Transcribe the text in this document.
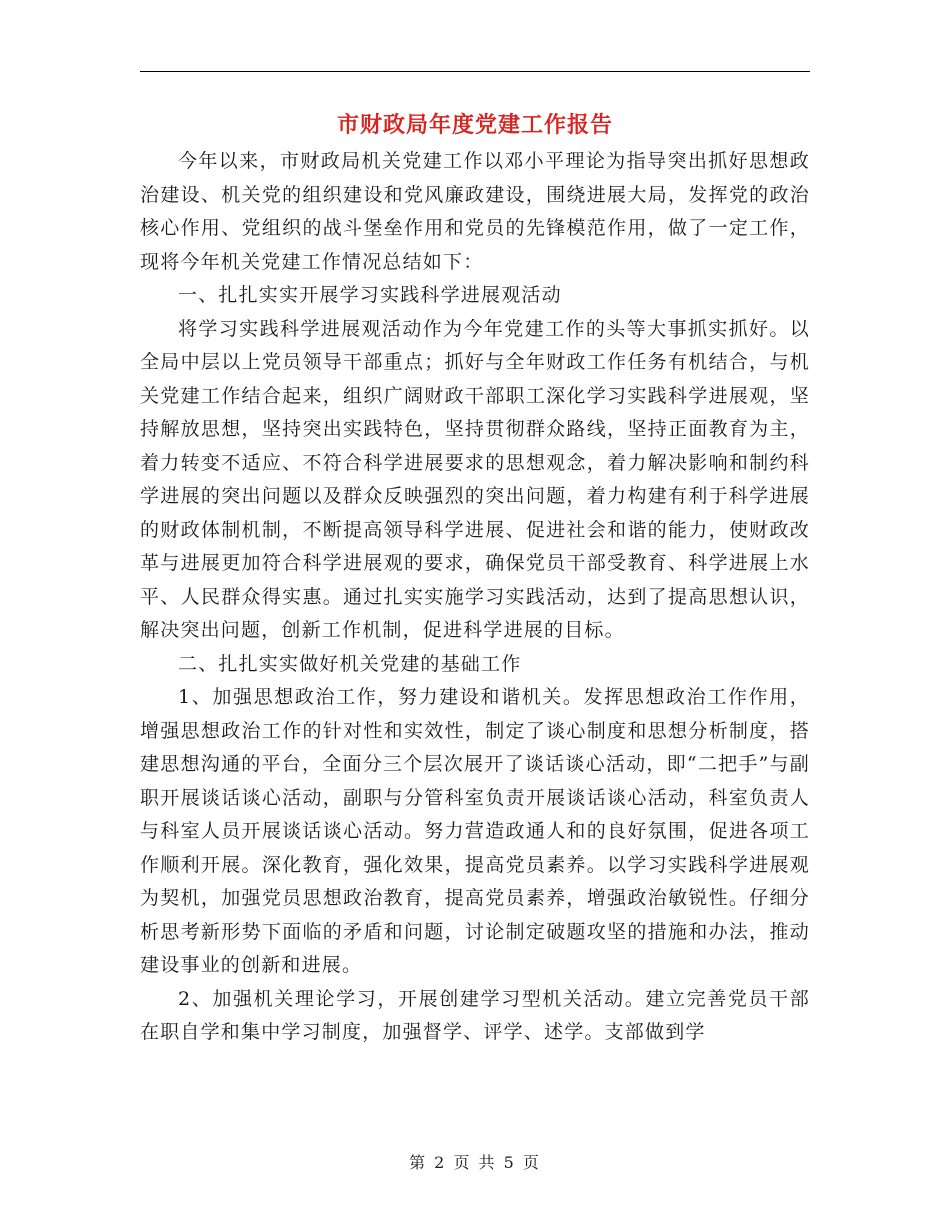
市财政局年度党建工作报告

今年以来，市财政局机关党建工作以邓小平理论为指导突出抓好思想政治建设、机关党的组织建设和党风廉政建设，围绕进展大局，发挥党的政治核心作用、党组织的战斗堡垒作用和党员的先锋模范作用，做了一定工作，现将今年机关党建工作情况总结如下：

一、扎扎实实开展学习实践科学进展观活动

将学习实践科学进展观活动作为今年党建工作的头等大事抓实抓好。以全局中层以上党员领导干部重点；抓好与全年财政工作任务有机结合，与机关党建工作结合起来，组织广阔财政干部职工深化学习实践科学进展观，坚持解放思想，坚持突出实践特色，坚持贯彻群众路线，坚持正面教育为主，着力转变不适应、不符合科学进展要求的思想观念，着力解决影响和制约科学进展的突出问题以及群众反映强烈的突出问题，着力构建有利于科学进展的财政体制机制，不断提高领导科学进展、促进社会和谐的能力，使财政改革与进展更加符合科学进展观的要求，确保党员干部受教育、科学进展上水平、人民群众得实惠。通过扎实实施学习实践活动，达到了提高思想认识，解决突出问题，创新工作机制，促进科学进展的目标。

二、扎扎实实做好机关党建的基础工作

1、加强思想政治工作，努力建设和谐机关。发挥思想政治工作作用，增强思想政治工作的针对性和实效性，制定了谈心制度和思想分析制度，搭建思想沟通的平台，全面分三个层次展开了谈话谈心活动，即“二把手”与副职开展谈话谈心活动，副职与分管科室负责开展谈话谈心活动，科室负责人与科室人员开展谈话谈心活动。努力营造政通人和的良好氛围，促进各项工作顺利开展。深化教育，强化效果，提高党员素养。以学习实践科学进展观为契机，加强党员思想政治教育，提高党员素养，增强政治敏锐性。仔细分析思考新形势下面临的矛盾和问题，讨论制定破题攻坚的措施和办法，推动建设事业的创新和进展。

2、加强机关理论学习，开展创建学习型机关活动。建立完善党员干部在职自学和集中学习制度，加强督学、评学、述学。支部做到学

第 2 页 共 5 页
